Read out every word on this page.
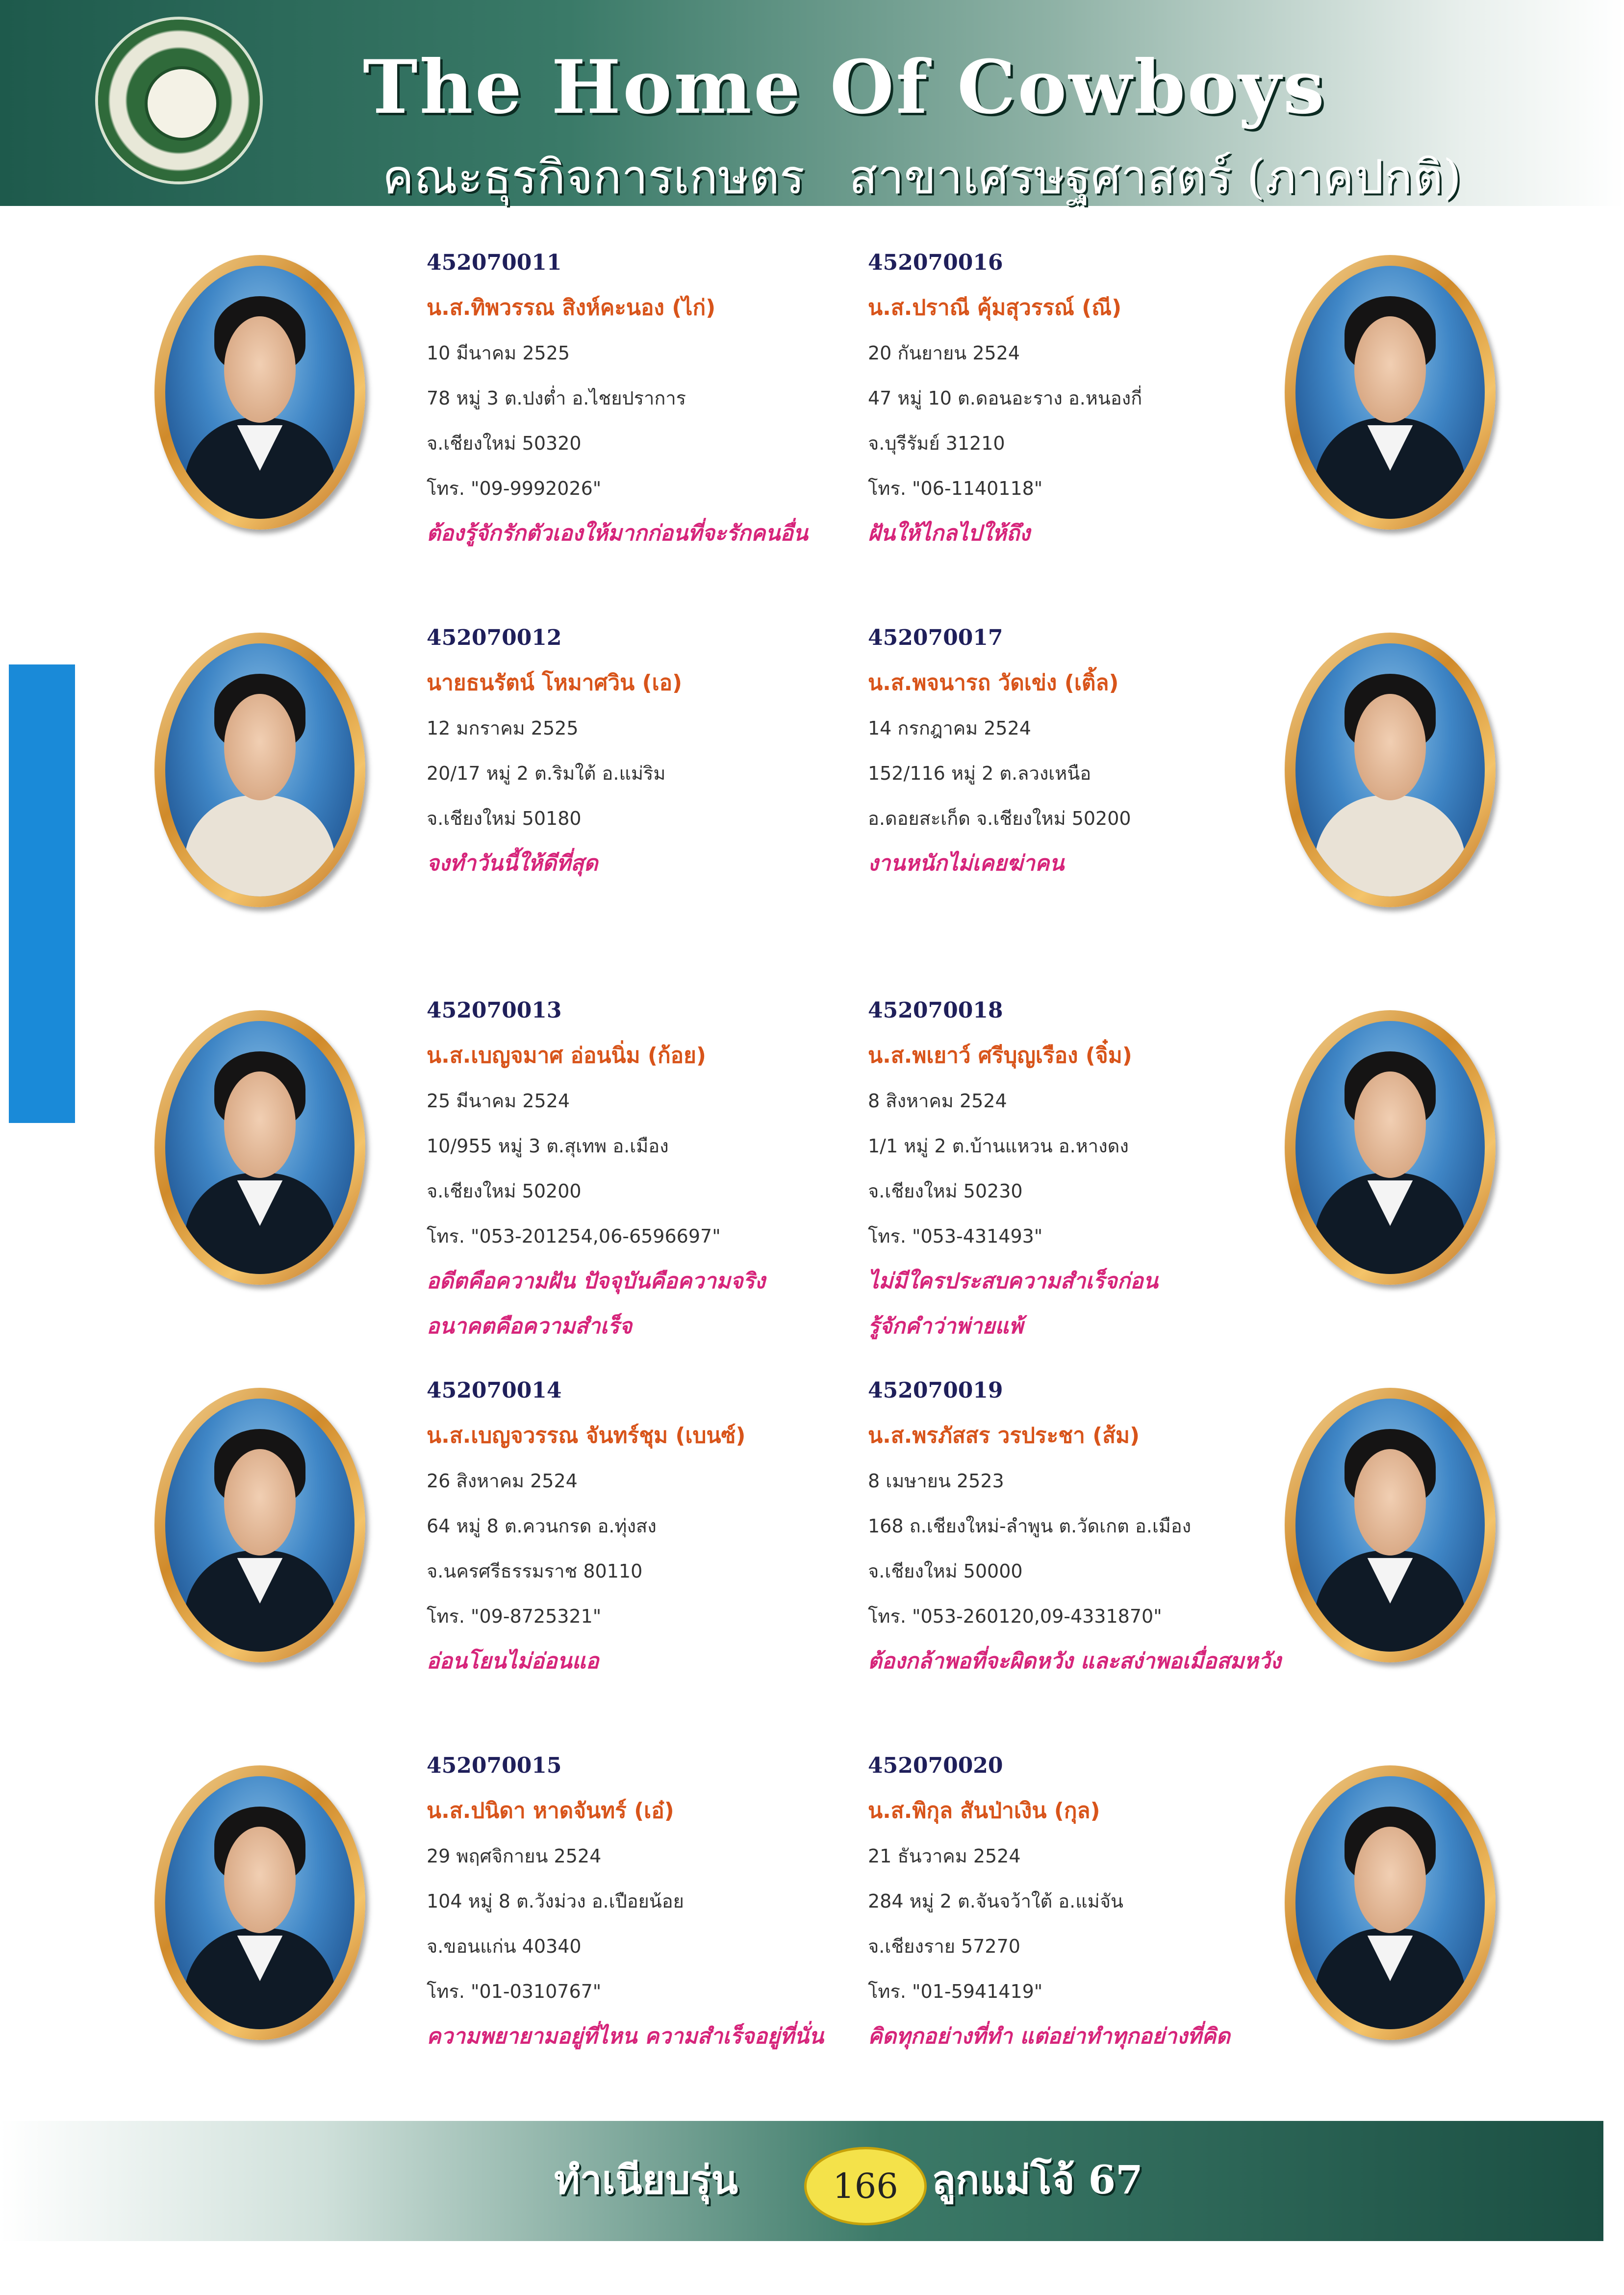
The Home Of Cowboys
คณะธุรกิจการเกษตร สาขาเศรษฐศาสตร์ (ภาคปกติ)
452070011
น.ส.ทิพวรรณ สิงห์คะนอง (ไก่)
10 มีนาคม 2525
78 หมู่ 3 ต.ปงต่ำ อ.ไชยปราการ
จ.เชียงใหม่ 50320
โทร. "09-9992026"
ต้องรู้จักรักตัวเองให้มากก่อนที่จะรักคนอื่น
452070016
น.ส.ปราณี คุ้มสุวรรณ์ (ณี)
20 กันยายน 2524
47 หมู่ 10 ต.ดอนอะราง อ.หนองกี่
จ.บุรีรัมย์ 31210
โทร. "06-1140118"
ฝันให้ไกลไปให้ถึง
452070012
นายธนรัตน์ โหมาศวิน (เอ)
12 มกราคม 2525
20/17 หมู่ 2 ต.ริมใต้ อ.แม่ริม
จ.เชียงใหม่ 50180
จงทำวันนี้ให้ดีที่สุด
452070017
น.ส.พจนารถ วัดเข่ง (เติ้ล)
14 กรกฎาคม 2524
152/116 หมู่ 2 ต.ลวงเหนือ
อ.ดอยสะเก็ด จ.เชียงใหม่ 50200
งานหนักไม่เคยฆ่าคน
452070013
น.ส.เบญจมาศ อ่อนนิ่ม (ก้อย)
25 มีนาคม 2524
10/955 หมู่ 3 ต.สุเทพ อ.เมือง
จ.เชียงใหม่ 50200
โทร. "053-201254,06-6596697"
อดีตคือความฝัน ปัจจุบันคือความจริง
อนาคตคือความสำเร็จ
452070018
น.ส.พเยาว์ ศรีบุญเรือง (จิ๋ม)
8 สิงหาคม 2524
1/1 หมู่ 2 ต.บ้านแหวน อ.หางดง
จ.เชียงใหม่ 50230
โทร. "053-431493"
ไม่มีใครประสบความสำเร็จก่อน
รู้จักคำว่าพ่ายแพ้
452070014
น.ส.เบญจวรรณ จันทร์ชุม (เบนซ์)
26 สิงหาคม 2524
64 หมู่ 8 ต.ควนกรด อ.ทุ่งสง
จ.นครศรีธรรมราช 80110
โทร. "09-8725321"
อ่อนโยนไม่อ่อนแอ
452070019
น.ส.พรภัสสร วรประชา (ส้ม)
8 เมษายน 2523
168 ถ.เชียงใหม่-ลำพูน ต.วัดเกต อ.เมือง
จ.เชียงใหม่ 50000
โทร. "053-260120,09-4331870"
ต้องกล้าพอที่จะผิดหวัง และสง่าพอเมื่อสมหวัง
452070015
น.ส.ปนิดา หาดจันทร์ (เอ๋)
29 พฤศจิกายน 2524
104 หมู่ 8 ต.วังม่วง อ.เปือยน้อย
จ.ขอนแก่น 40340
โทร. "01-0310767"
ความพยายามอยู่ที่ไหน ความสำเร็จอยู่ที่นั่น
452070020
น.ส.พิกุล สันป่าเงิน (กุล)
21 ธันวาคม 2524
284 หมู่ 2 ต.จันจว้าใต้ อ.แม่จัน
จ.เชียงราย 57270
โทร. "01-5941419"
คิดทุกอย่างที่ทำ แต่อย่าทำทุกอย่างที่คิด
ทำเนียบรุ่น	166 ลูกแม่โจ้ 67
